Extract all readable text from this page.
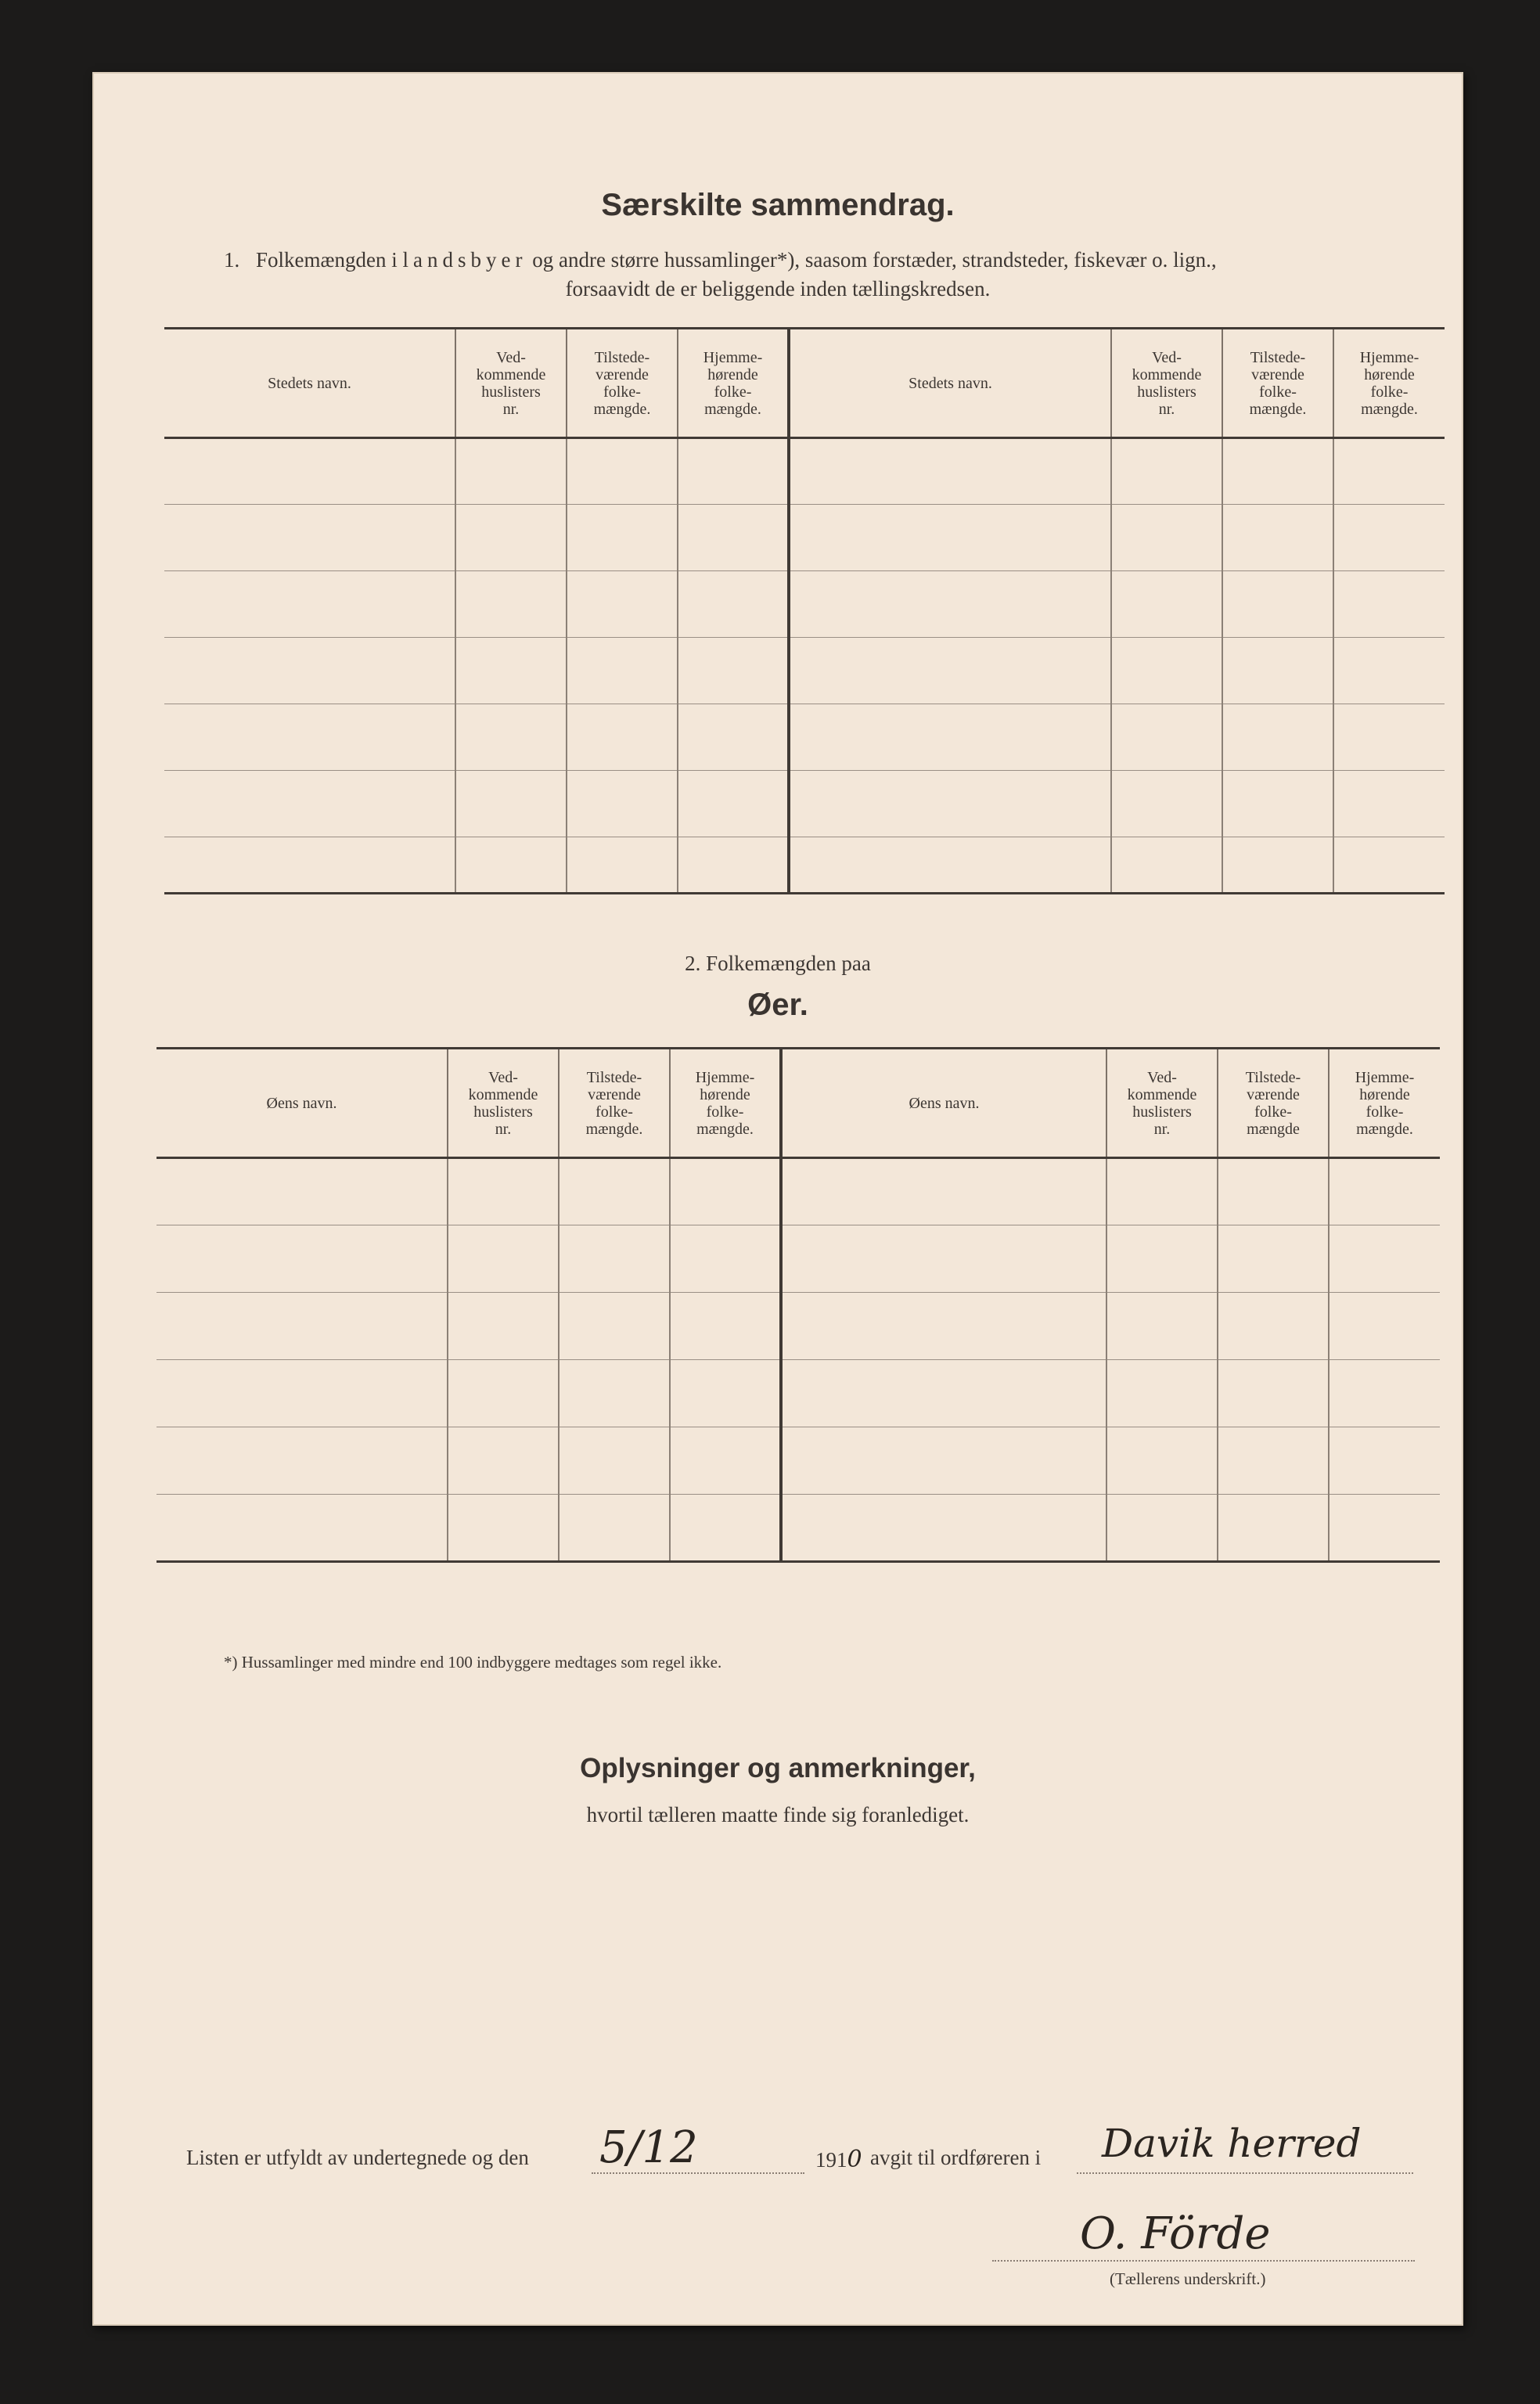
Særskilte sammendrag.
1. Folkemængden i landsbyer og andre større hussamlinger*), saasom forstæder, strandsteder, fiskevær o. lign.,
forsaavidt de er beliggende inden tællingskredsen.
Stedets navn.	Ved-
kommende
huslisters
nr.	Tilstede-
værende
folke-
mængde.	Hjemme-
hørende
folke-
mængde.	Stedets navn.	Ved-
kommende
huslisters
nr.	Tilstede-
værende
folke-
mængde.	Hjemme-
hørende
folke-
mængde.

2. Folkemængden paa
Øer.
Øens navn.	Ved-
kommende
huslisters
nr.	Tilstede-
værende
folke-
mængde.	Hjemme-
hørende
folke-
mængde.	Øens navn.	Ved-
kommende
huslisters
nr.	Tilstede-
værende
folke-
mængde	Hjemme-
hørende
folke-
mængde.

*) Hussamlinger med mindre end 100 indbyggere medtages som regel ikke.
Oplysninger og anmerkninger,
hvortil tælleren maatte finde sig foranlediget.
Listen er utfyldt av undertegnede og den 5/12	1910 avgit til ordføreren i Davik herred
O. Förde
(Tællerens underskrift.)
